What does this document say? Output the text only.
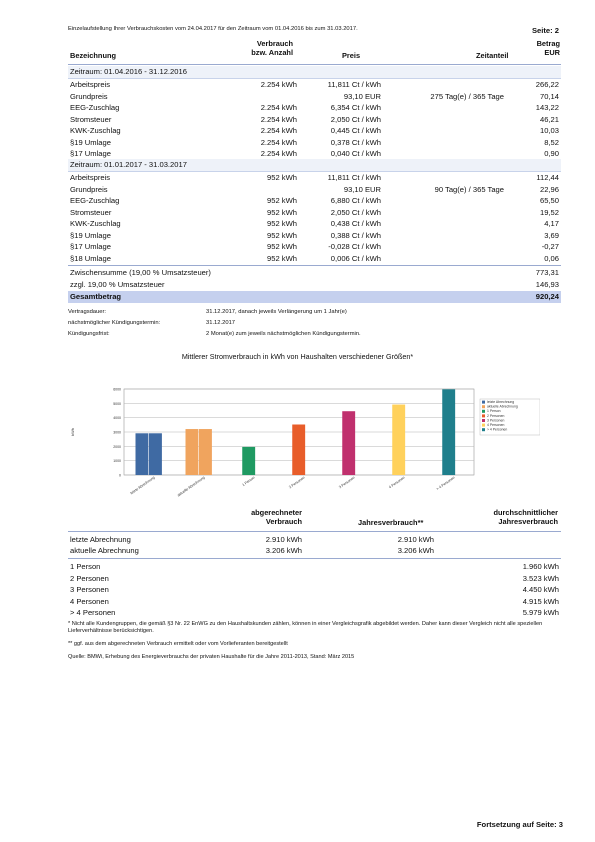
Einzelaufstellung Ihrer Verbrauchskosten vom 24.04.2017 für den Zeitraum vom 01.04.2016 bis zum 31.03.2017.	Seite: 2
Bezeichnung
Verbrauch
bzw. Anzahl	Preis	Zeitanteil
Betrag
EUR
Zeitraum: 01.04.2016 - 31.12.2016
Arbeitspreis	2.254 kWh	11,811 Ct / kWh	266,22
Grundpreis	93,10 EUR	275 Tag(e) / 365 Tage	70,14
EEG-Zuschlag	2.254 kWh	6,354 Ct / kWh	143,22
Stromsteuer	2.254 kWh	2,050 Ct / kWh	46,21
KWK-Zuschlag	2.254 kWh	0,445 Ct / kWh	10,03
§19 Umlage	2.254 kWh	0,378 Ct / kWh	8,52
§17 Umlage	2.254 kWh	0,040 Ct / kWh	0,90
Zeitraum: 01.01.2017 - 31.03.2017
Arbeitspreis	952 kWh	11,811 Ct / kWh	112,44
Grundpreis	93,10 EUR	90 Tag(e) / 365 Tage	22,96
EEG-Zuschlag	952 kWh	6,880 Ct / kWh	65,50
Stromsteuer	952 kWh	2,050 Ct / kWh	19,52
KWK-Zuschlag	952 kWh	0,438 Ct / kWh	4,17
§19 Umlage	952 kWh	0,388 Ct / kWh	3,69
§17 Umlage	952 kWh	-0,028 Ct / kWh	-0,27
§18 Umlage	952 kWh	0,006 Ct / kWh	0,06
Zwischensumme (19,00 % Umsatzsteuer)	773,31
zzgl. 19,00 % Umsatzsteuer	146,93
Gesamtbetrag	920,24
Vertragsdauer:	31.12.2017, danach jeweils Verlängerung um 1 Jahr(e)
nächstmöglicher Kündigungstermin:	31.12.2017
Kündigungsfrist:	2 Monat(e) zum jeweils nächstmöglichen Kündigungstermin.
Mittlerer Stromverbrauch in kWh von Haushalten verschiedener Größen*
0
1000
2000
3000
4000
5000
6000
kWh
letzte Abrechnung	aktuelle Abrechnung	1 Person	2 Personen	3 Personen	4 Personen	> 4 Personen
letzte Abrechnung
aktuelle Abrechnung
1 Person
2 Personen
3 Personen
4 Personen
> 4 Personen
abgerechneter
Verbrauch	Jahresverbrauch**
durchschnittlicher
Jahresverbrauch
letzte Abrechnung	2.910 kWh	2.910 kWh
aktuelle Abrechnung	3.206 kWh	3.206 kWh
1 Person	1.960 kWh
2 Personen	3.523 kWh
3 Personen	4.450 kWh
4 Personen	4.915 kWh
> 4 Personen	5.979 kWh
* Nicht alle Kundengruppen, die gemäß §3 Nr. 22 EnWG zu den Haushaltskunden zählen, können in einer Vergleichsgrafik abgebildet werden. Daher kann dieser Vergleich nicht alle speziellen Lieferverhältnisse berücksichtigen.
** ggf. aus dem abgerechneten Verbrauch ermittelt oder vom Vorlieferanten bereitgestellt
Quelle: BMWi, Erhebung des Energieverbrauchs der privaten Haushalte für die Jahre 2011-2013, Stand: März 2015
Fortsetzung auf Seite: 3
